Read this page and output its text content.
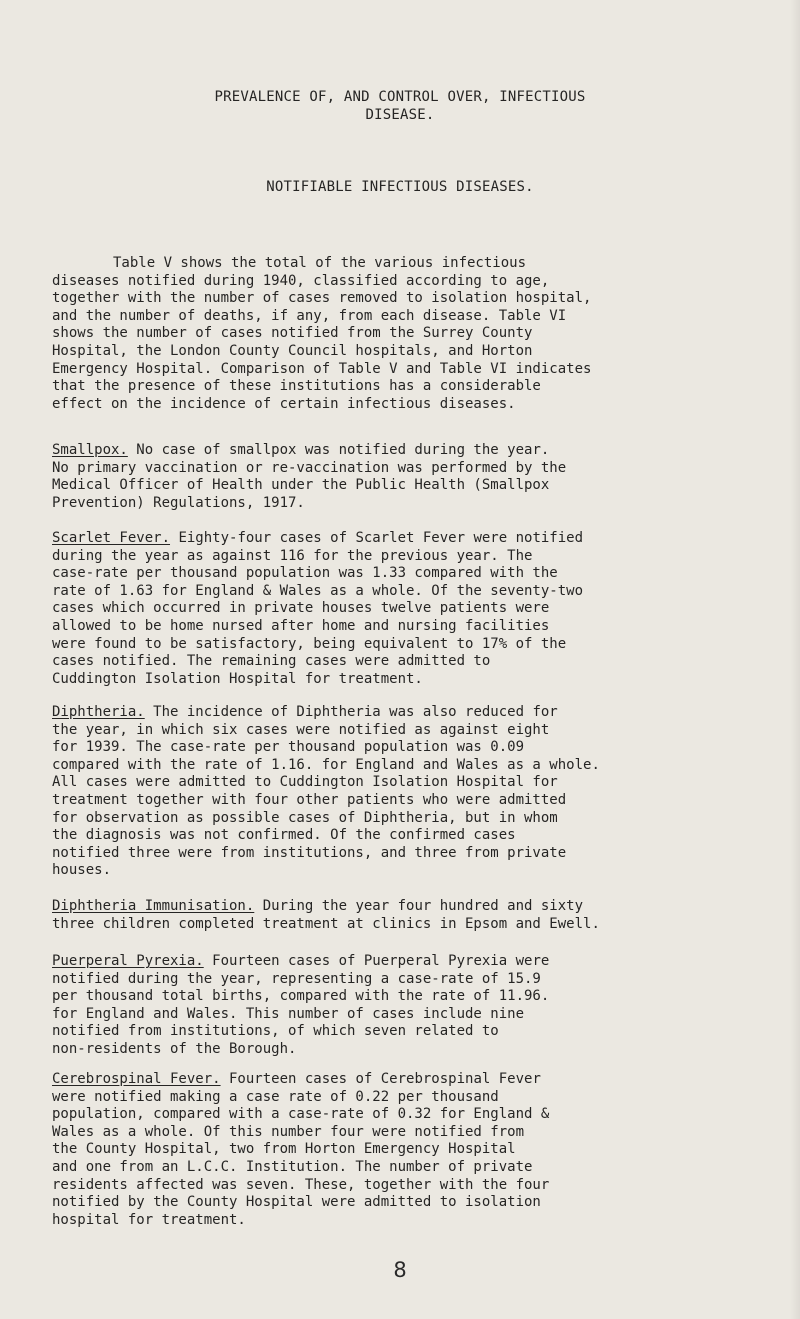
PREVALENCE OF, AND CONTROL OVER, INFECTIOUS
DISEASE.
NOTIFIABLE INFECTIOUS DISEASES.
Table V shows the total of the various infectious
diseases notified during 1940, classified according to age,
together with the number of cases removed to isolation hospital,
and the number of deaths, if any, from each disease. Table VI
shows the number of cases notified from the Surrey County
Hospital, the London County Council hospitals, and Horton
Emergency Hospital. Comparison of Table V and Table VI indicates
that the presence of these institutions has a considerable
effect on the incidence of certain infectious diseases.
Smallpox. No case of smallpox was notified during the year.
No primary vaccination or re-vaccination was performed by the
Medical Officer of Health under the Public Health (Smallpox
Prevention) Regulations, 1917.
Scarlet Fever. Eighty-four cases of Scarlet Fever were notified
during the year as against 116 for the previous year. The
case-rate per thousand population was 1.33 compared with the
rate of 1.63 for England & Wales as a whole. Of the seventy-two
cases which occurred in private houses twelve patients were
allowed to be home nursed after home and nursing facilities
were found to be satisfactory, being equivalent to 17% of the
cases notified. The remaining cases were admitted to
Cuddington Isolation Hospital for treatment.
Diphtheria. The incidence of Diphtheria was also reduced for
the year, in which six cases were notified as against eight
for 1939. The case-rate per thousand population was 0.09
compared with the rate of 1.16. for England and Wales as a whole.
All cases were admitted to Cuddington Isolation Hospital for
treatment together with four other patients who were admitted
for observation as possible cases of Diphtheria, but in whom
the diagnosis was not confirmed. Of the confirmed cases
notified three were from institutions, and three from private
houses.
Diphtheria Immunisation. During the year four hundred and sixty
three children completed treatment at clinics in Epsom and Ewell.
Puerperal Pyrexia. Fourteen cases of Puerperal Pyrexia were
notified during the year, representing a case-rate of 15.9
per thousand total births, compared with the rate of 11.96.
for England and Wales. This number of cases include nine
notified from institutions, of which seven related to
non-residents of the Borough.
Cerebrospinal Fever. Fourteen cases of Cerebrospinal Fever
were notified making a case rate of 0.22 per thousand
population, compared with a case-rate of 0.32 for England &
Wales as a whole. Of this number four were notified from
the County Hospital, two from Horton Emergency Hospital
and one from an L.C.C. Institution. The number of private
residents affected was seven. These, together with the four
notified by the County Hospital were admitted to isolation
hospital for treatment.
8
